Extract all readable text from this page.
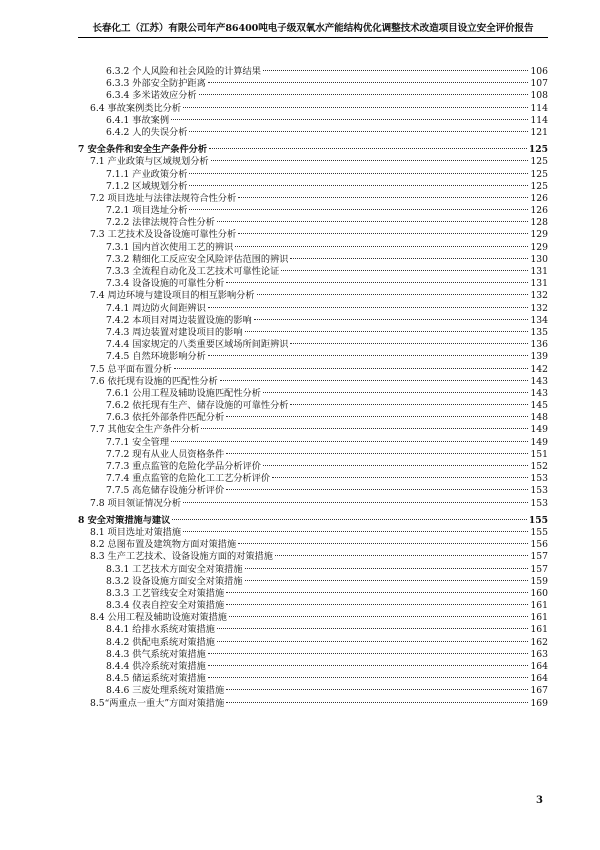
长春化工（江苏）有限公司年产86400吨电子级双氧水产能结构优化调整技术改造项目设立安全评价报告
6.3.2 个人风险和社会风险的计算结果	106
6.3.3 外部安全防护距离	107
6.3.4 多米诺效应分析	108
6.4 事故案例类比分析	114
6.4.1 事故案例	114
6.4.2 人的失误分析	121
7 安全条件和安全生产条件分析	125
7.1 产业政策与区域规划分析	125
7.1.1 产业政策分析	125
7.1.2 区域规划分析	125
7.2 项目选址与法律法规符合性分析	126
7.2.1 项目选址分析	126
7.2.2 法律法规符合性分析	128
7.3 工艺技术及设备设施可靠性分析	129
7.3.1 国内首次使用工艺的辨识	129
7.3.2 精细化工反应安全风险评估范围的辨识	130
7.3.3 全流程自动化及工艺技术可靠性论证	131
7.3.4 设备设施的可靠性分析	131
7.4 周边环境与建设项目的相互影响分析	132
7.4.1 周边防火间距辨识	132
7.4.2 本项目对周边装置设施的影响	134
7.4.3 周边装置对建设项目的影响	135
7.4.4 国家规定的八类重要区域场所间距辨识	136
7.4.5 自然环境影响分析	139
7.5 总平面布置分析	142
7.6 依托现有设施的匹配性分析	143
7.6.1 公用工程及辅助设施匹配性分析	143
7.6.2 依托现有生产、储存设施的可靠性分析	145
7.6.3 依托外部条件匹配分析	148
7.7 其他安全生产条件分析	149
7.7.1 安全管理	149
7.7.2 现有从业人员资格条件	151
7.7.3 重点监管的危险化学品分析评价	152
7.7.4 重点监管的危险化工工艺分析评价	153
7.7.5 高危储存设施分析评价	153
7.8 项目领证情况分析	153
8 安全对策措施与建议	155
8.1 项目选址对策措施	155
8.2 总图布置及建筑物方面对策措施	156
8.3 生产工艺技术、设备设施方面的对策措施	157
8.3.1 工艺技术方面安全对策措施	157
8.3.2 设备设施方面安全对策措施	159
8.3.3 工艺管线安全对策措施	160
8.3.4 仪表自控安全对策措施	161
8.4 公用工程及辅助设施对策措施	161
8.4.1 给排水系统对策措施	161
8.4.2 供配电系统对策措施	162
8.4.3 供气系统对策措施	163
8.4.4 供冷系统对策措施	164
8.4.5 储运系统对策措施	164
8.4.6 三废处理系统对策措施	167
8.5“两重点一重大”方面对策措施	169
3
